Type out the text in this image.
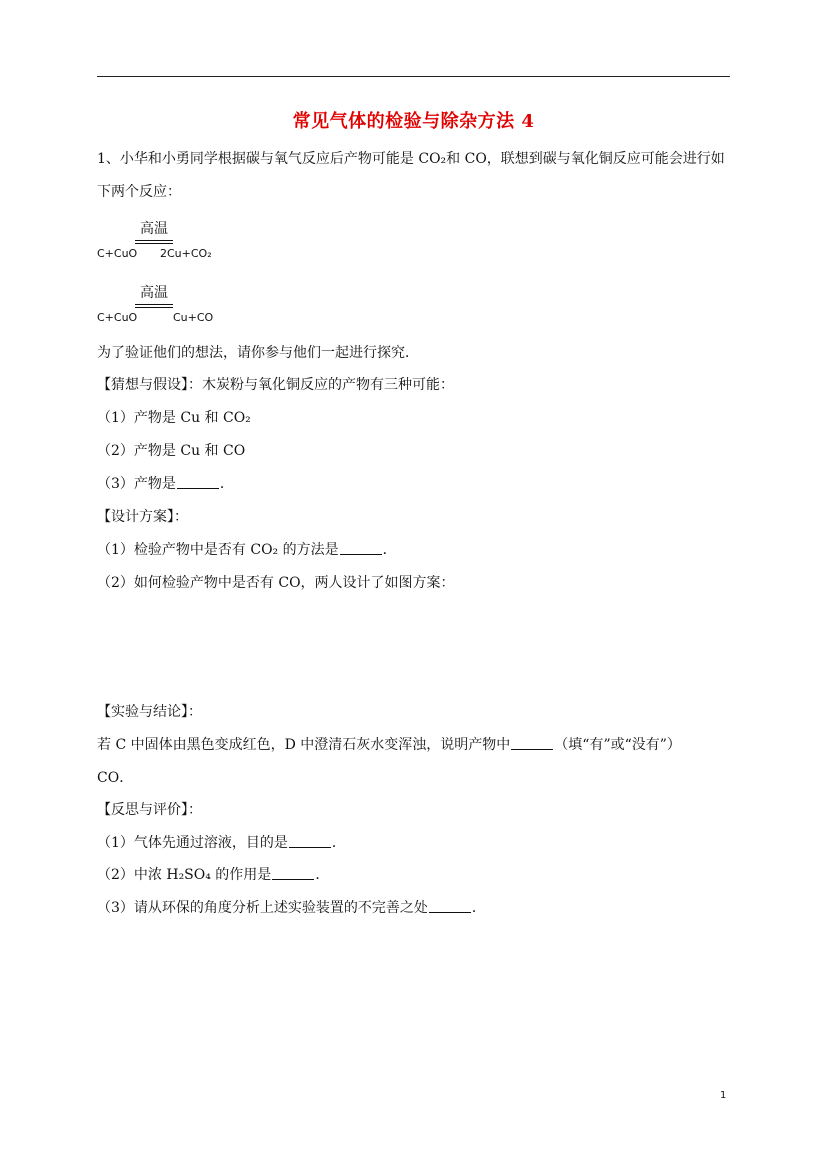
常见气体的检验与除杂方法 4
1、小华和小勇同学根据碳与氧气反应后产物可能是 CO₂和 CO，联想到碳与氧化铜反应可能会进行如
下两个反应：
高温
C+CuO 2Cu+CO₂
高温
C+CuO	Cu+CO
为了验证他们的想法，请你参与他们一起进行探究．
【猜想与假设】：木炭粉与氧化铜反应的产物有三种可能：
（1）产物是 Cu 和 CO₂
（2）产物是 Cu 和 CO
（3）产物是	．
【设计方案】：
（1）检验产物中是否有 CO₂ 的方法是	．
（2）如何检验产物中是否有 CO，两人设计了如图方案：
【实验与结论】：
若 C 中固体由黑色变成红色，D 中澄清石灰水变浑浊，说明产物中	（填“有”或“没有”）
CO．
【反思与评价】：
（1）气体先通过溶液，目的是	．
（2）中浓 H₂SO₄ 的作用是	．
（3）请从环保的角度分析上述实验装置的不完善之处	．
1
